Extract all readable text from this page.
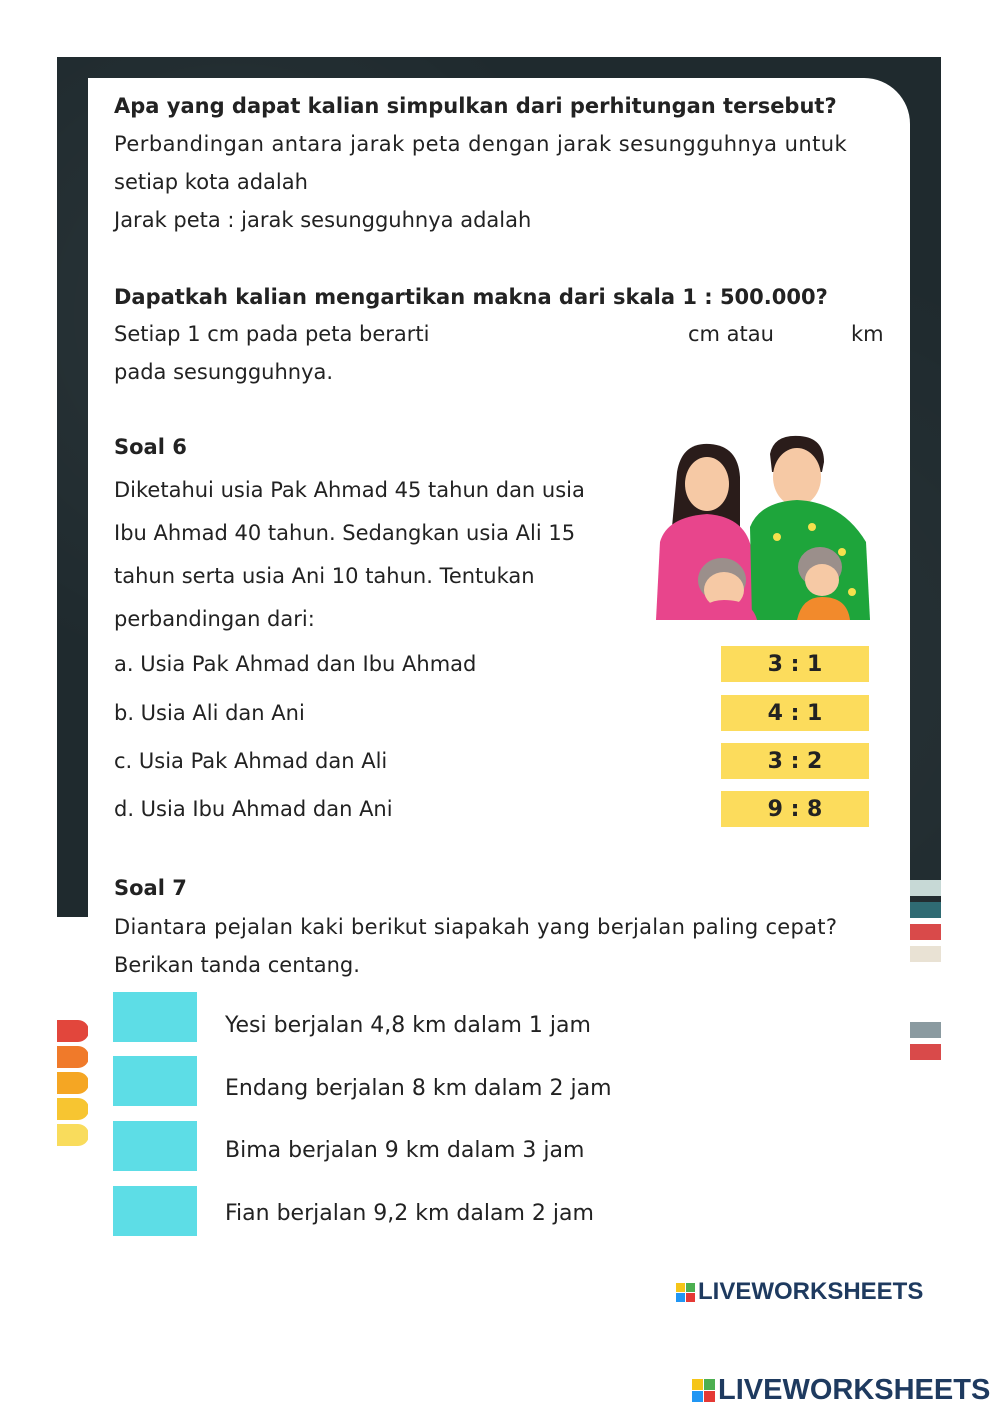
Apa yang dapat kalian simpulkan dari perhitungan tersebut?
Perbandingan antara jarak peta dengan jarak sesungguhnya untuk
setiap kota adalah
Jarak peta : jarak sesungguhnya adalah
Dapatkah kalian mengartikan makna dari skala 1 : 500.000?
Setiap 1 cm pada peta berarti	cm atau	km
pada sesungguhnya.
Soal 6
Diketahui usia Pak Ahmad 45 tahun dan usia
Ibu Ahmad 40 tahun. Sedangkan usia Ali 15
tahun serta usia Ani 10 tahun. Tentukan
perbandingan dari:
a. Usia Pak Ahmad dan Ibu Ahmad	3 : 1
b. Usia Ali dan Ani	4 : 1
c. Usia Pak Ahmad dan Ali	3 : 2
d. Usia Ibu Ahmad dan Ani	9 : 8
Soal 7
Diantara pejalan kaki berikut siapakah yang berjalan paling cepat?
Berikan tanda centang.
Yesi berjalan 4,8 km dalam 1 jam
Endang berjalan 8 km dalam 2 jam
Bima berjalan 9 km dalam 3 jam
Fian berjalan 9,2 km dalam 2 jam
LIVEWORKSHEETS
LIVEWORKSHEETS
